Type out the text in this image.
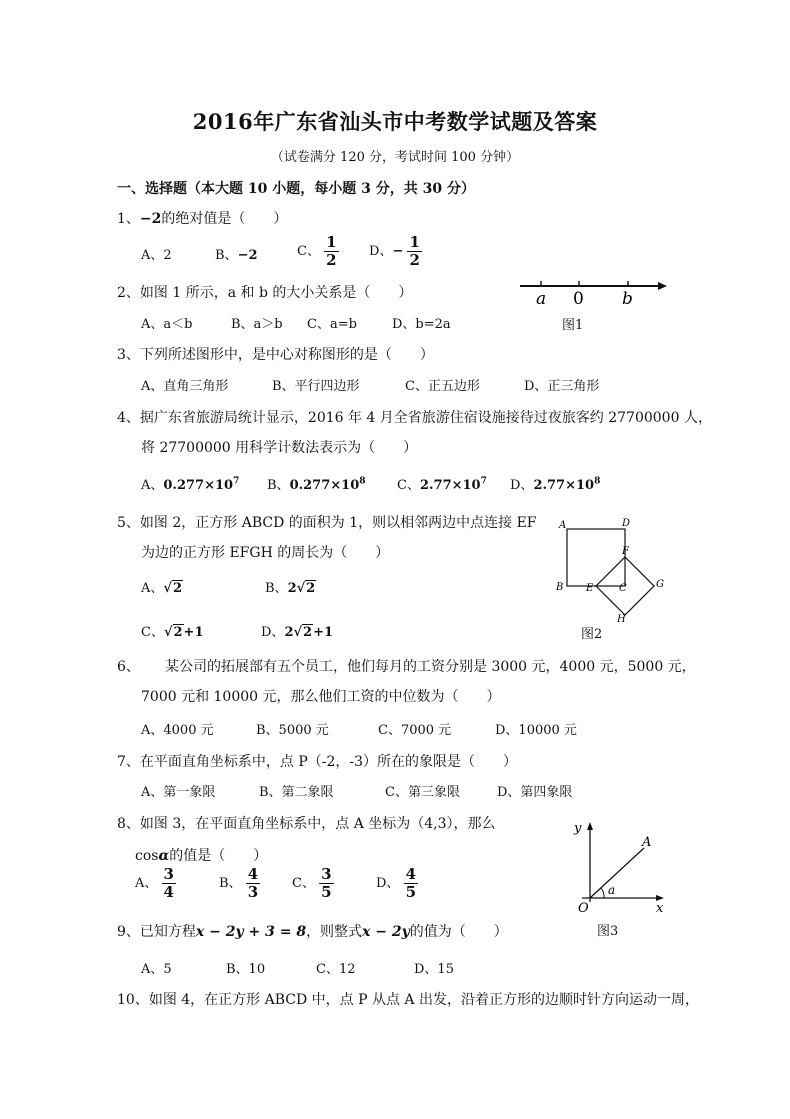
2016年广东省汕头市中考数学试题及答案
（试卷满分 120 分，考试时间 100 分钟）
一、选择题（本大题 10 小题，每小题 3 分，共 30 分）
1、−2的绝对值是（　　）
A、2	B、−2	C、 $\frac{1}{2}$ D、− $\frac{1}{2}$
2、如图 1 所示，a 和 b 的大小关系是（　　）
A、a＜b	B、a＞b C、a=b	D、b=2a
a 0 b
图1
3、下列所述图形中，是中心对称图形的是（　　）
A、直角三角形	B、平行四边形	C、正五边形	D、正三角形
4、据广东省旅游局统计显示，2016 年 4 月全省旅游住宿设施接待过夜旅客约 27700000 人，
将 27700000 用科学计数法表示为（　　）
A、$0.277\times 10^7$ B、$0.277\times 10^8$ C、$2.77\times 10^7$ D、$2.77\times 10^8$
5、如图 2，正方形 ABCD 的面积为 1，则以相邻两边中点连接 EF
为边的正方形 EFGH 的周长为（　　）
A、√2	B、2√2
C、√2+1	D、2√2+1
A	D
F
B E	C	G
H
图2
6、 某公司的拓展部有五个员工，他们每月的工资分别是 3000 元，4000 元，5000 元，
7000 元和 10000 元，那么他们工资的中位数为（　　）
A、4000 元	B、5000 元	C、7000 元	D、10000 元
7、在平面直角坐标系中，点 P（-2，-3）所在的象限是（　　）
A、第一象限	B、第二象限	C、第三象限	D、第四象限
8、如图 3，在平面直角坐标系中，点 A 坐标为（4,3），那么
cosα的值是（　　）
A、 $\frac{3}{4}$	B、 $\frac{4}{3}$ C、 $\frac{3}{5}$	D、 $\frac{4}{5}$
y
A
a
O	x
图3
9、已知方程x − 2y + 3 = 8，则整式x − 2y的值为（　　）
A、5	B、10	C、12	D、15
10、如图 4，在正方形 ABCD 中，点 P 从点 A 出发，沿着正方形的边顺时针方向运动一周，
